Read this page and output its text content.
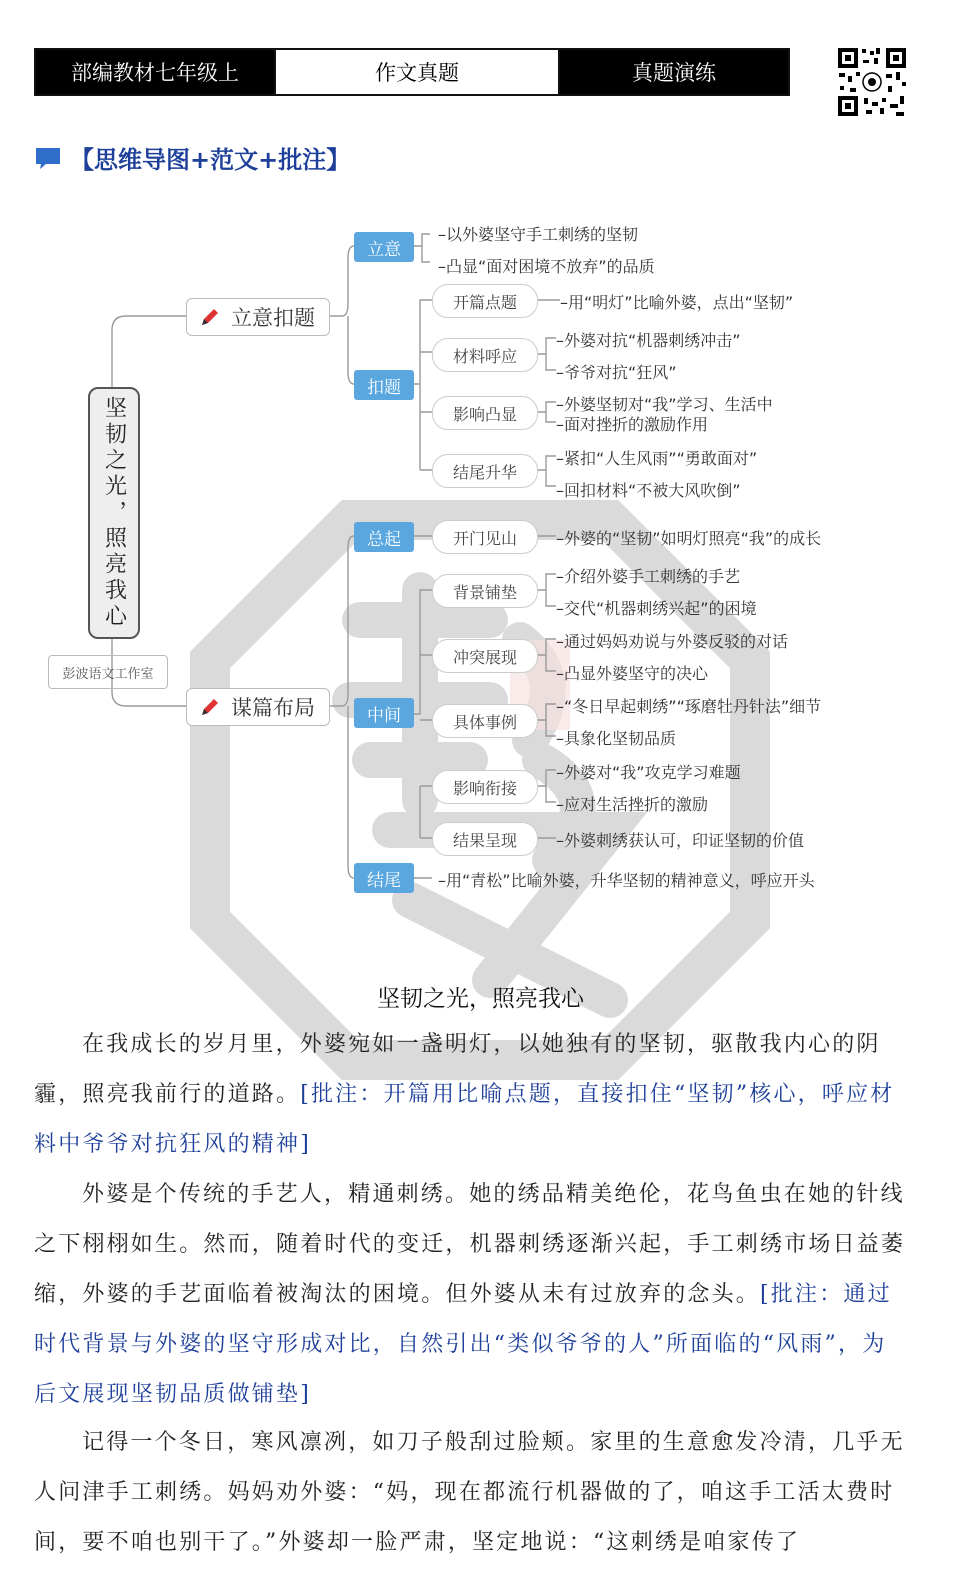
部编教材七年级上	作文真题	真题演练
【思维导图+范文+批注】
坚韧之光，照亮我心
彭波语文工作室
立意扣题
谋篇布局
立意
扣题
总起
中间
结尾
–以外婆坚守手工刺绣的坚韧
–凸显“面对困境不放弃”的品质
开篇点题	–用“明灯”比喻外婆，点出“坚韧”
材料呼应
–外婆对抗“机器刺绣冲击”
–爷爷对抗“狂风”
影响凸显	–外婆坚韧对“我”学习、生活中
–面对挫折的激励作用
结尾升华
–紧扣“人生风雨”“勇敢面对”
–回扣材料“不被大风吹倒”
开门见山	–外婆的“坚韧”如明灯照亮“我”的成长
背景铺垫
–介绍外婆手工刺绣的手艺
–交代“机器刺绣兴起”的困境
冲突展现
–通过妈妈劝说与外婆反驳的对话
–凸显外婆坚守的决心
具体事例
–“冬日早起刺绣”“琢磨牡丹针法”细节
–具象化坚韧品质
影响衔接
–外婆对“我”攻克学习难题
–应对生活挫折的激励
结果呈现	–外婆刺绣获认可，印证坚韧的价值
–用“青松”比喻外婆，升华坚韧的精神意义，呼应开头
坚韧之光，照亮我心
在我成长的岁月里，外婆宛如一盏明灯，以她独有的坚韧，驱散我内心的阴霾，照亮我前行的道路。[批注：开篇用比喻点题，直接扣住“坚韧”核心，呼应材料中爷爷对抗狂风的精神]
外婆是个传统的手艺人，精通刺绣。她的绣品精美绝伦，花鸟鱼虫在她的针线之下栩栩如生。然而，随着时代的变迁，机器刺绣逐渐兴起，手工刺绣市场日益萎缩，外婆的手艺面临着被淘汰的困境。但外婆从未有过放弃的念头。[批注：通过时代背景与外婆的坚守形成对比，自然引出“类似爷爷的人”所面临的“风雨”，为后文展现坚韧品质做铺垫]
记得一个冬日，寒风凛冽，如刀子般刮过脸颊。家里的生意愈发冷清，几乎无人问津手工刺绣。妈妈劝外婆：“妈，现在都流行机器做的了，咱这手工活太费时间，要不咱也别干了。”外婆却一脸严肃，坚定地说：“这刺绣是咱家传了
